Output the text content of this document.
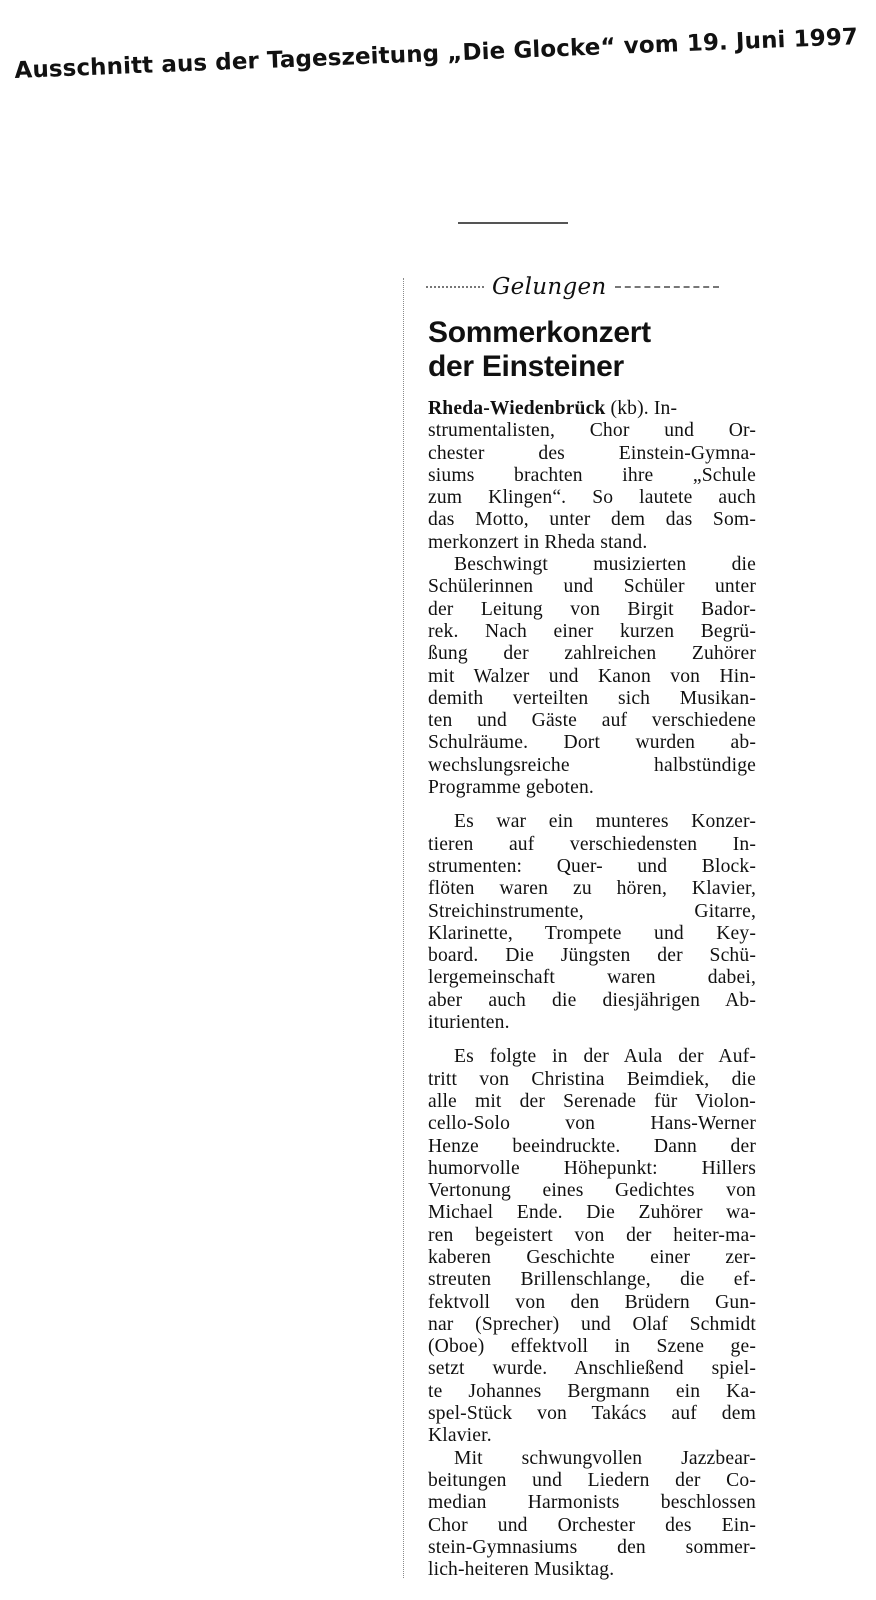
Ausschnitt aus der Tageszeitung „Die Glocke“ vom 19. Juni 1997
Gelungen
Sommerkonzert
der Einsteiner
Rheda-Wiedenbrück (kb). In-
strumentalisten, Chor und Or-
chester des Einstein-Gymna-
siums brachten ihre „Schule
zum Klingen“. So lautete auch
das Motto, unter dem das Som-
merkonzert in Rheda stand.
Beschwingt musizierten die
Schülerinnen und Schüler unter
der Leitung von Birgit Bador-
rek. Nach einer kurzen Begrü-
ßung der zahlreichen Zuhörer
mit Walzer und Kanon von Hin-
demith verteilten sich Musikan-
ten und Gäste auf verschiedene
Schulräume. Dort wurden ab-
wechslungsreiche halbstündige
Programme geboten.
Es war ein munteres Konzer-
tieren auf verschiedensten In-
strumenten: Quer- und Block-
flöten waren zu hören, Klavier,
Streichinstrumente, Gitarre,
Klarinette, Trompete und Key-
board. Die Jüngsten der Schü-
lergemeinschaft waren dabei,
aber auch die diesjährigen Ab-
iturienten.
Es folgte in der Aula der Auf-
tritt von Christina Beimdiek, die
alle mit der Serenade für Violon-
cello-Solo von Hans-Werner
Henze beeindruckte. Dann der
humorvolle Höhepunkt: Hillers
Vertonung eines Gedichtes von
Michael Ende. Die Zuhörer wa-
ren begeistert von der heiter-ma-
kaberen Geschichte einer zer-
streuten Brillenschlange, die ef-
fektvoll von den Brüdern Gun-
nar (Sprecher) und Olaf Schmidt
(Oboe) effektvoll in Szene ge-
setzt wurde. Anschließend spiel-
te Johannes Bergmann ein Ka-
spel-Stück von Takács auf dem
Klavier.
Mit schwungvollen Jazzbear-
beitungen und Liedern der Co-
median Harmonists beschlossen
Chor und Orchester des Ein-
stein-Gymnasiums den sommer-
lich-heiteren Musiktag.
